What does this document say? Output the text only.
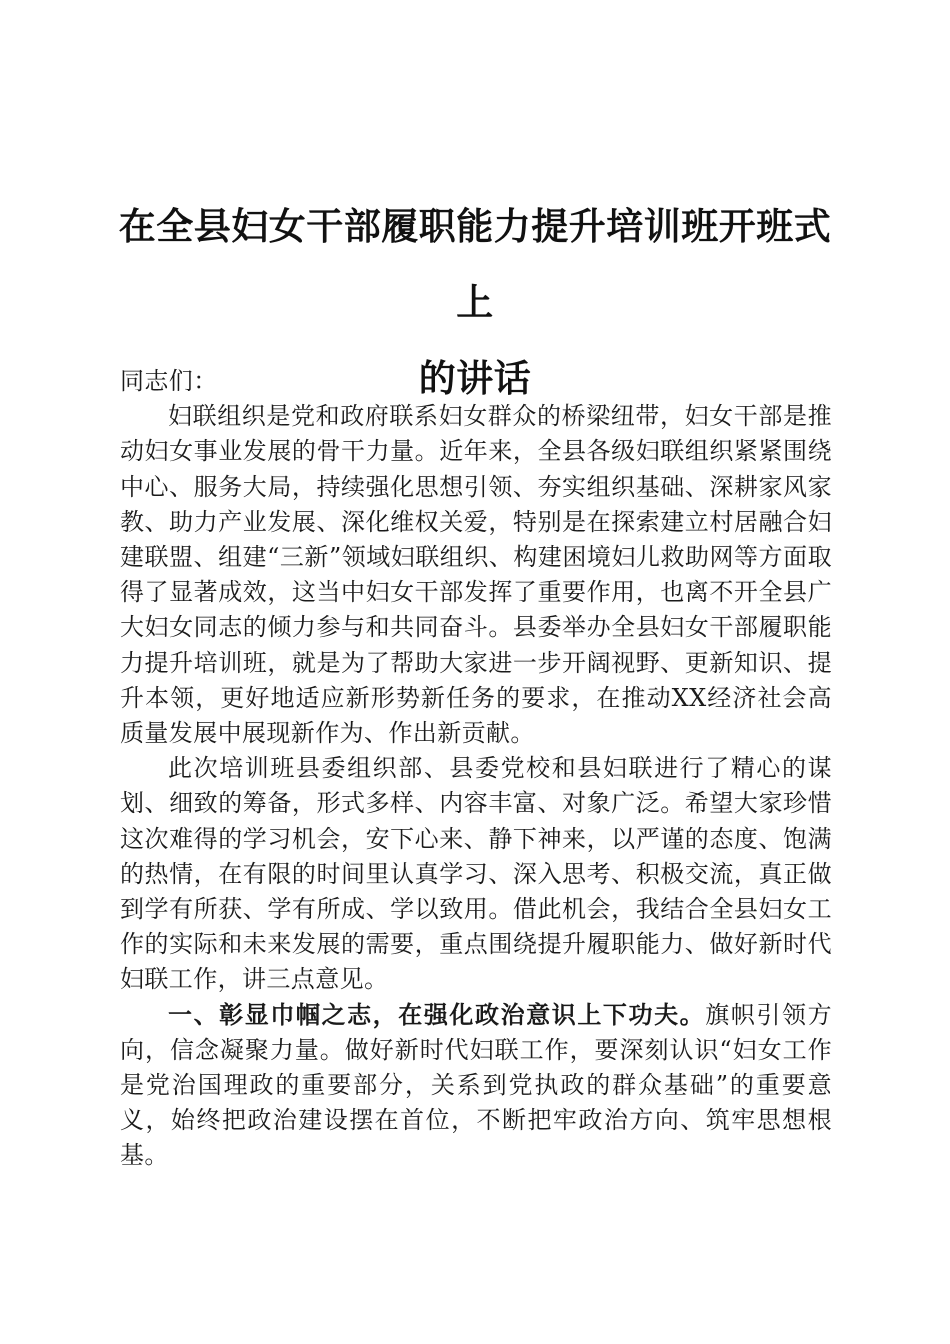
在全县妇女干部履职能力提升培训班开班式上
的讲话

同志们：

妇联组织是党和政府联系妇女群众的桥梁纽带，妇女干部是推动妇女事业发展的骨干力量。近年来，全县各级妇联组织紧紧围绕中心、服务大局，持续强化思想引领、夯实组织基础、深耕家风家教、助力产业发展、深化维权关爱，特别是在探索建立村居融合妇建联盟、组建“三新”领域妇联组织、构建困境妇儿救助网等方面取得了显著成效，这当中妇女干部发挥了重要作用，也离不开全县广大妇女同志的倾力参与和共同奋斗。县委举办全县妇女干部履职能力提升培训班，就是为了帮助大家进一步开阔视野、更新知识、提升本领，更好地适应新形势新任务的要求，在推动XX经济社会高质量发展中展现新作为、作出新贡献。

此次培训班县委组织部、县委党校和县妇联进行了精心的谋划、细致的筹备，形式多样、内容丰富、对象广泛。希望大家珍惜这次难得的学习机会，安下心来、静下神来，以严谨的态度、饱满的热情，在有限的时间里认真学习、深入思考、积极交流，真正做到学有所获、学有所成、学以致用。借此机会，我结合全县妇女工作的实际和未来发展的需要，重点围绕提升履职能力、做好新时代妇联工作，讲三点意见。

一、彰显巾帼之志，在强化政治意识上下功夫。旗帜引领方向，信念凝聚力量。做好新时代妇联工作，要深刻认识“妇女工作是党治国理政的重要部分，关系到党执政的群众基础”的重要意义，始终把政治建设摆在首位，不断把牢政治方向、筑牢思想根基。
